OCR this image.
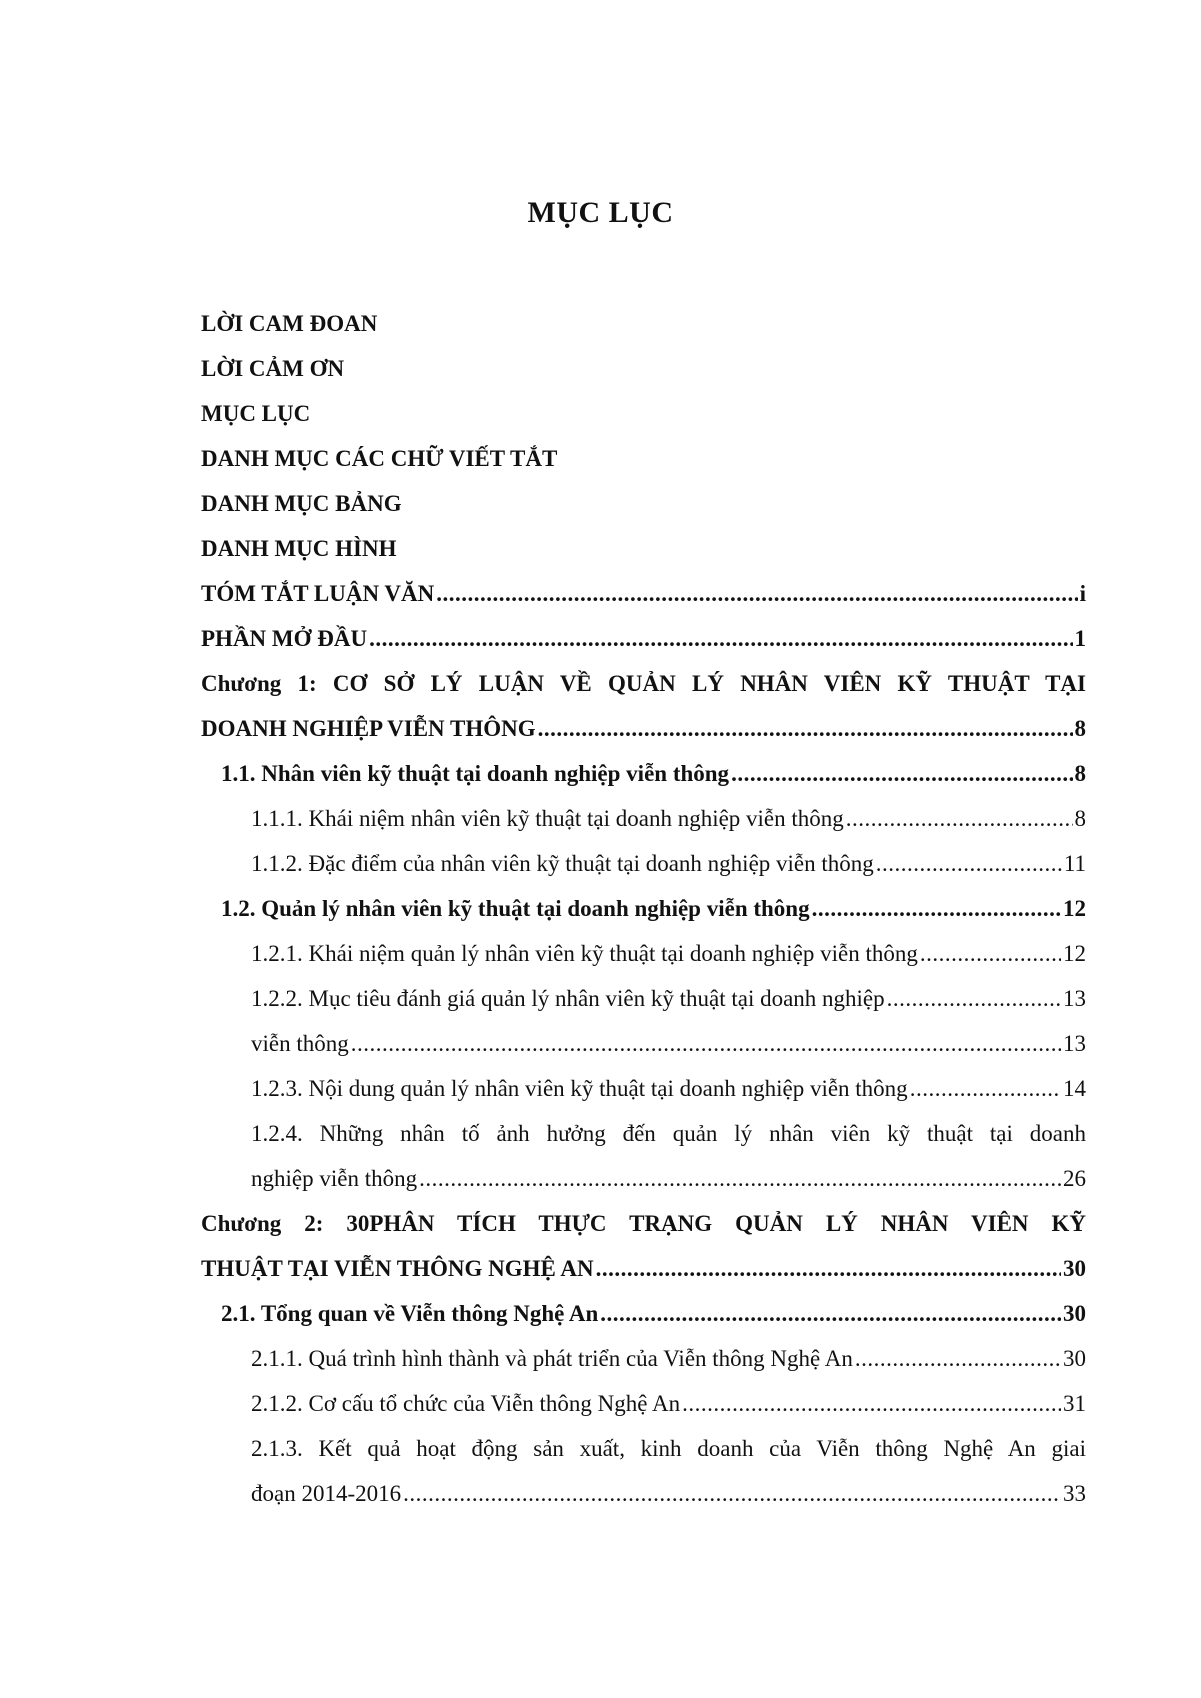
MỤC LỤC
LỜI CAM ĐOAN
LỜI CẢM ƠN
MỤC LỤC
DANH MỤC CÁC CHỮ VIẾT TẮT
DANH MỤC BẢNG
DANH MỤC HÌNH
TÓM TẮT LUẬN VĂN .....	i
PHẦN MỞ ĐẦU .....	1
Chương 1: CƠ SỞ LÝ LUẬN VỀ QUẢN LÝ NHÂN VIÊN KỸ THUẬT TẠI
DOANH NGHIỆP VIỄN THÔNG .....	8
1.1. Nhân viên kỹ thuật tại doanh nghiệp viễn thông .....	8
1.1.1. Khái niệm nhân viên kỹ thuật tại doanh nghiệp viễn thông .....	8
1.1.2. Đặc điểm của nhân viên kỹ thuật tại doanh nghiệp viễn thông .....	11
1.2. Quản lý nhân viên kỹ thuật tại doanh nghiệp viễn thông .....	12
1.2.1. Khái niệm quản lý nhân viên kỹ thuật tại doanh nghiệp viễn thông .....	12
1.2.2. Mục tiêu đánh giá quản lý nhân viên kỹ thuật tại doanh nghiệp .....	13
viễn thông .....	13
1.2.3. Nội dung quản lý nhân viên kỹ thuật tại doanh nghiệp viễn thông .....	14
1.2.4. Những nhân tố ảnh hưởng đến quản lý nhân viên kỹ thuật tại doanh
nghiệp viễn thông .....	26
Chương 2: 30PHÂN TÍCH THỰC TRẠNG QUẢN LÝ NHÂN VIÊN KỸ
THUẬT TẠI VIỄN THÔNG NGHỆ AN .....	30
2.1. Tổng quan về Viễn thông Nghệ An .....	30
2.1.1. Quá trình hình thành và phát triển của Viễn thông Nghệ An .....	30
2.1.2. Cơ cấu tổ chức của Viễn thông Nghệ An .....	31
2.1.3. Kết quả hoạt động sản xuất, kinh doanh của Viễn thông Nghệ An giai
đoạn 2014-2016 .....	33
